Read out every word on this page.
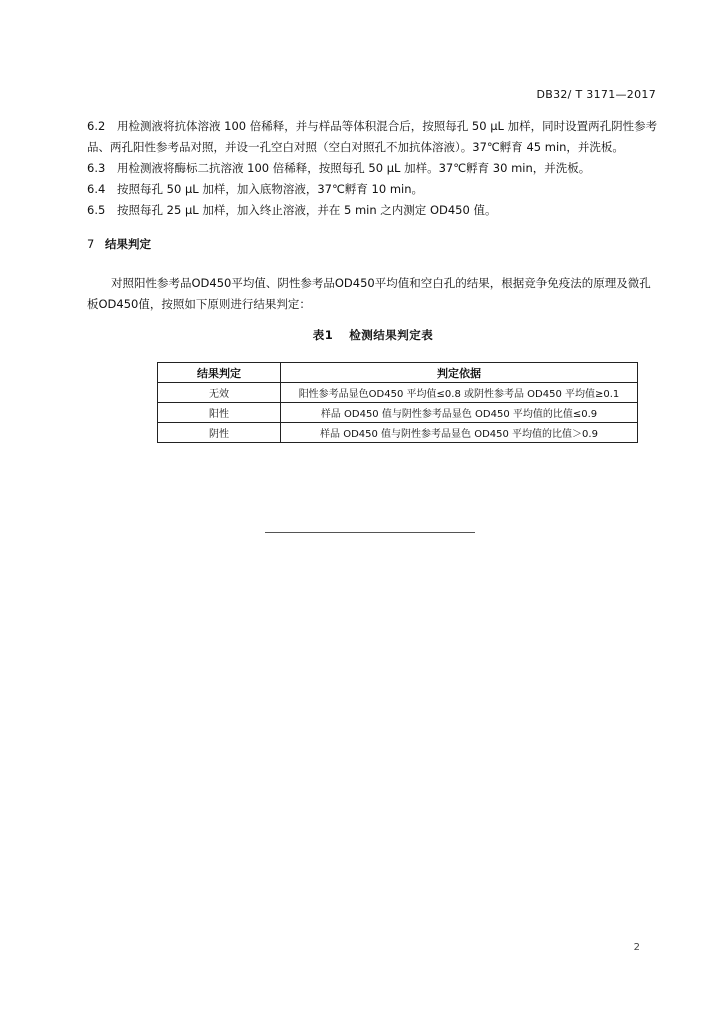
DB32/ T 3171—2017

6.2 用检测液将抗体溶液 100 倍稀释，并与样品等体积混合后，按照每孔 50 μL 加样，同时设置两孔阴性参考品、两孔阳性参考品对照，并设一孔空白对照（空白对照孔不加抗体溶液）。37℃孵育 45 min，并洗板。

6.3 用检测液将酶标二抗溶液 100 倍稀释，按照每孔 50 μL 加样。37℃孵育 30 min，并洗板。

6.4 按照每孔 50 μL 加样，加入底物溶液，37℃孵育 10 min。

6.5 按照每孔 25 μL 加样，加入终止溶液，并在 5 min 之内测定 OD450 值。

7 结果判定

对照阳性参考品OD450平均值、阴性参考品OD450平均值和空白孔的结果，根据竞争免疫法的原理及微孔板OD450值，按照如下原则进行结果判定：

表1 检测结果判定表

结果判定	判定依据
无效	阳性参考品显色OD450 平均值≤0.8 或阴性参考品 OD450 平均值≥0.1
阳性	样品 OD450 值与阴性参考品显色 OD450 平均值的比值≤0.9
阴性	样品 OD450 值与阴性参考品显色 OD450 平均值的比值＞0.9
2
